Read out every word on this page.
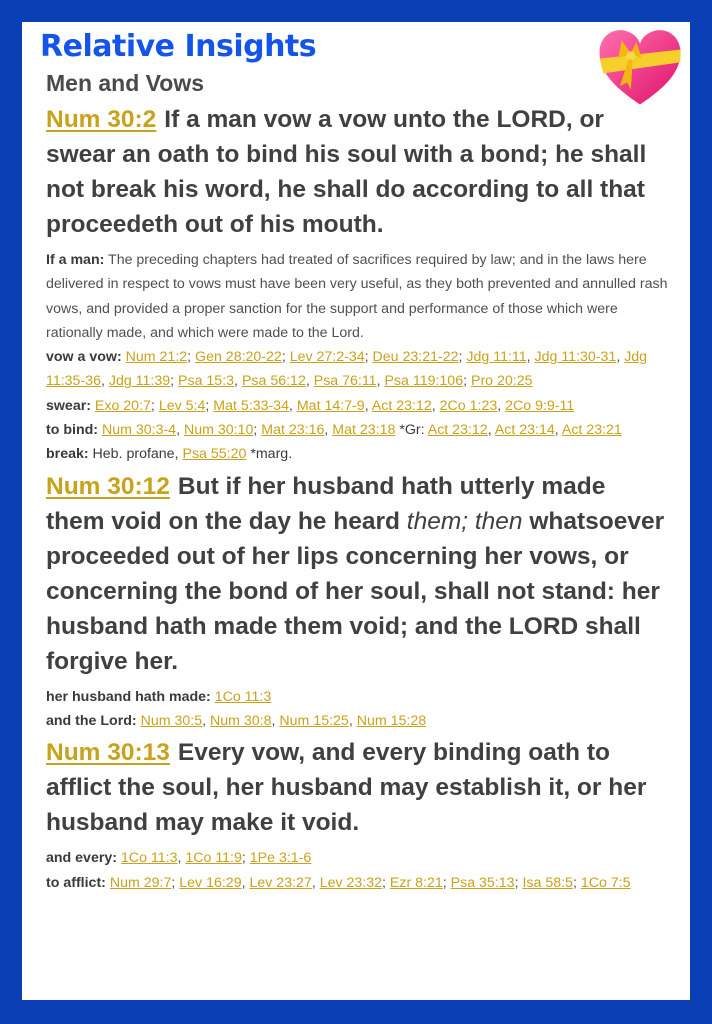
Relative Insights
Men and Vows

Num 30:2 If a man vow a vow unto the LORD, or swear an oath to bind his soul with a bond; he shall not break his word, he shall do according to all that proceedeth out of his mouth.

If a man: The preceding chapters had treated of sacrifices required by law; and in the laws here delivered in respect to vows must have been very useful, as they both prevented and annulled rash vows, and provided a proper sanction for the support and performance of those which were rationally made, and which were made to the Lord.

vow a vow: Num 21:2; Gen 28:20-22; Lev 27:2-34; Deu 23:21-22; Jdg 11:11, Jdg 11:30-31, Jdg 11:35-36, Jdg 11:39; Psa 15:3, Psa 56:12, Psa 76:11, Psa 119:106; Pro 20:25

swear: Exo 20:7; Lev 5:4; Mat 5:33-34, Mat 14:7-9, Act 23:12, 2Co 1:23, 2Co 9:9-11

to bind: Num 30:3-4, Num 30:10; Mat 23:16, Mat 23:18 *Gr: Act 23:12, Act 23:14, Act 23:21

break: Heb. profane, Psa 55:20 *marg.

Num 30:12 But if her husband hath utterly made them void on the day he heard them; then whatsoever proceeded out of her lips concerning her vows, or concerning the bond of her soul, shall not stand: her husband hath made them void; and the LORD shall forgive her.

her husband hath made: 1Co 11:3

and the Lord: Num 30:5, Num 30:8, Num 15:25, Num 15:28

Num 30:13 Every vow, and every binding oath to afflict the soul, her husband may establish it, or her husband may make it void.

and every: 1Co 11:3, 1Co 11:9; 1Pe 3:1-6

to afflict: Num 29:7; Lev 16:29, Lev 23:27, Lev 23:32; Ezr 8:21; Psa 35:13; Isa 58:5; 1Co 7:5
